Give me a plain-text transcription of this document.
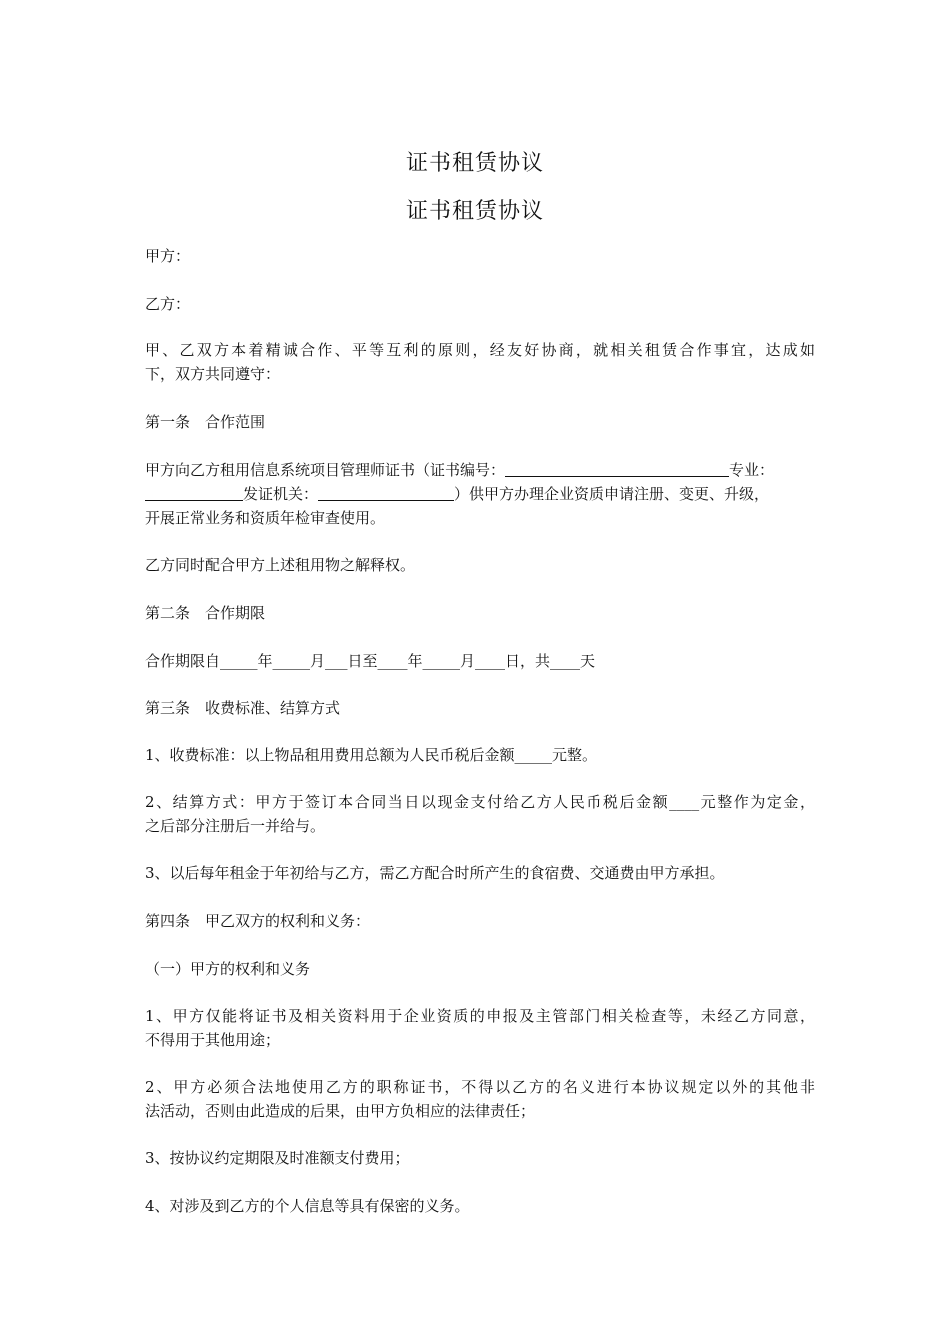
证书租赁协议
证书租赁协议
甲方：
乙方：
甲、乙双方本着精诚合作、平等互利的原则，经友好协商，就相关租赁合作事宜，达成如
下，双方共同遵守：
第一条　合作范围
甲方向乙方租用信息系统项目管理师证书（证书编号：	专业：
发证机关：	）供甲方办理企业资质申请注册、变更、升级，
开展正常业务和资质年检审查使用。
乙方同时配合甲方上述租用物之解释权。
第二条　合作期限
合作期限自_____年_____月___日至____年_____月____日，共____天
第三条　收费标准、结算方式
1、收费标准：以上物品租用费用总额为人民币税后金额_____元整。
2、结算方式：甲方于签订本合同当日以现金支付给乙方人民币税后金额____元整作为定金，
之后部分注册后一并给与。
3、以后每年租金于年初给与乙方，需乙方配合时所产生的食宿费、交通费由甲方承担。
第四条　甲乙双方的权利和义务：
（一）甲方的权利和义务
1、甲方仅能将证书及相关资料用于企业资质的申报及主管部门相关检查等，未经乙方同意，
不得用于其他用途；
2、甲方必须合法地使用乙方的职称证书，不得以乙方的名义进行本协议规定以外的其他非
法活动，否则由此造成的后果，由甲方负相应的法律责任；
3、按协议约定期限及时准额支付费用；
4、对涉及到乙方的个人信息等具有保密的义务。
